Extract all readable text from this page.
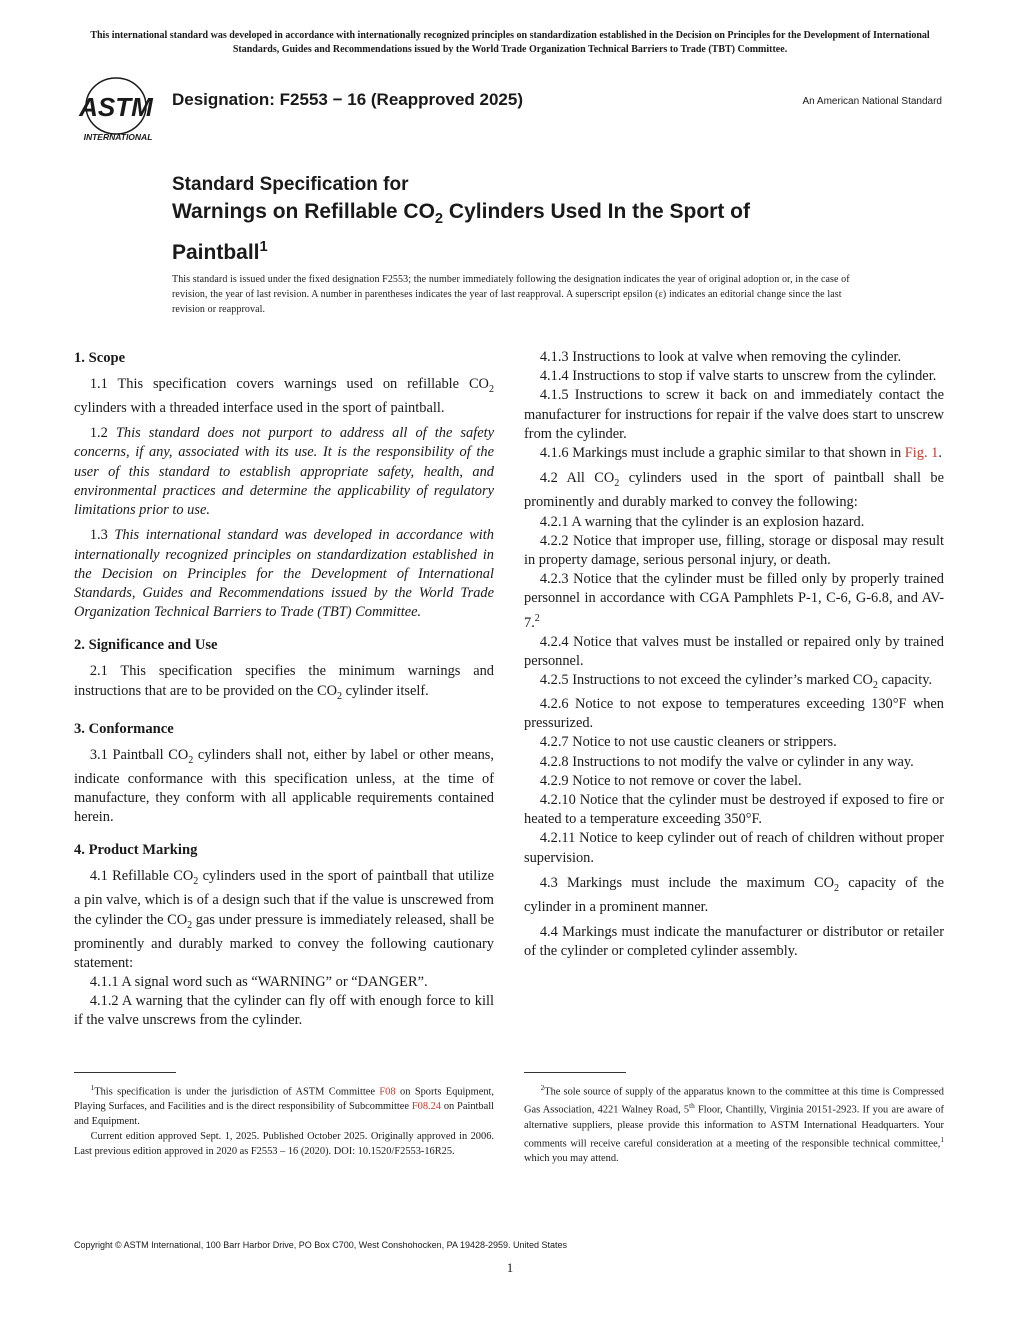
This international standard was developed in accordance with internationally recognized principles on standardization established in the Decision on Principles for the Development of International Standards, Guides and Recommendations issued by the World Trade Organization Technical Barriers to Trade (TBT) Committee.
ASTM
INTERNATIONAL
Designation: F2553 − 16 (Reapproved 2025)	An American National Standard
Standard Specification for
Warnings on Refillable $CO_2$ Cylinders Used In the Sport of
Paintball$^1$
This standard is issued under the fixed designation F2553; the number immediately following the designation indicates the year of original adoption or, in the case of revision, the year of last revision. A number in parentheses indicates the year of last reapproval. A superscript epsilon (ε) indicates an editorial change since the last revision or reapproval.
1. Scope

1.1 This specification covers warnings used on refillable $CO_2$ cylinders with a threaded interface used in the sport of paintball.

1.2 This standard does not purport to address all of the safety concerns, if any, associated with its use. It is the responsibility of the user of this standard to establish appropriate safety, health, and environmental practices and determine the applicability of regulatory limitations prior to use.

1.3 This international standard was developed in accordance with internationally recognized principles on standardization established in the Decision on Principles for the Development of International Standards, Guides and Recommendations issued by the World Trade Organization Technical Barriers to Trade (TBT) Committee.

2. Significance and Use

2.1 This specification specifies the minimum warnings and instructions that are to be provided on the $CO_2$ cylinder itself.

3. Conformance

3.1 Paintball $CO_2$ cylinders shall not, either by label or other means, indicate conformance with this specification unless, at the time of manufacture, they conform with all applicable requirements contained herein.

4. Product Marking

4.1 Refillable $CO_2$ cylinders used in the sport of paintball that utilize a pin valve, which is of a design such that if the value is unscrewed from the cylinder the $CO_2$ gas under pressure is immediately released, shall be prominently and durably marked to convey the following cautionary statement:

4.1.1 A signal word such as “WARNING” or “DANGER”.

4.1.2 A warning that the cylinder can fly off with enough force to kill if the valve unscrews from the cylinder.

4.1.3 Instructions to look at valve when removing the cylinder.

4.1.4 Instructions to stop if valve starts to unscrew from the cylinder.

4.1.5 Instructions to screw it back on and immediately contact the manufacturer for instructions for repair if the valve does start to unscrew from the cylinder.

4.1.6 Markings must include a graphic similar to that shown in Fig. 1.

4.2 All $CO_2$ cylinders used in the sport of paintball shall be prominently and durably marked to convey the following:

4.2.1 A warning that the cylinder is an explosion hazard.

4.2.2 Notice that improper use, filling, storage or disposal may result in property damage, serious personal injury, or death.

4.2.3 Notice that the cylinder must be filled only by properly trained personnel in accordance with CGA Pamphlets P-1, C-6, G-6.8, and AV-7.$^2$

4.2.4 Notice that valves must be installed or repaired only by trained personnel.

4.2.5 Instructions to not exceed the cylinder’s marked $CO_2$ capacity.

4.2.6 Notice to not expose to temperatures exceeding 130°F when pressurized.

4.2.7 Notice to not use caustic cleaners or strippers.

4.2.8 Instructions to not modify the valve or cylinder in any way.

4.2.9 Notice to not remove or cover the label.

4.2.10 Notice that the cylinder must be destroyed if exposed to fire or heated to a temperature exceeding 350°F.

4.2.11 Notice to keep cylinder out of reach of children without proper supervision.

4.3 Markings must include the maximum $CO_2$ capacity of the cylinder in a prominent manner.

4.4 Markings must indicate the manufacturer or distributor or retailer of the cylinder or completed cylinder assembly.

$^1$This specification is under the jurisdiction of ASTM Committee F08 on Sports Equipment, Playing Surfaces, and Facilities and is the direct responsibility of Subcommittee F08.24 on Paintball and Equipment.

Current edition approved Sept. 1, 2025. Published October 2025. Originally approved in 2006. Last previous edition approved in 2020 as F2553 – 16 (2020). DOI: 10.1520/F2553-16R25.

$^2$The sole source of supply of the apparatus known to the committee at this time is Compressed Gas Association, 4221 Walney Road, 5th Floor, Chantilly, Virginia 20151-2923. If you are aware of alternative suppliers, please provide this information to ASTM International Headquarters. Your comments will receive careful consideration at a meeting of the responsible technical committee,$^1$ which you may attend.

Copyright © ASTM International, 100 Barr Harbor Drive, PO Box C700, West Conshohocken, PA 19428-2959. United States
1
